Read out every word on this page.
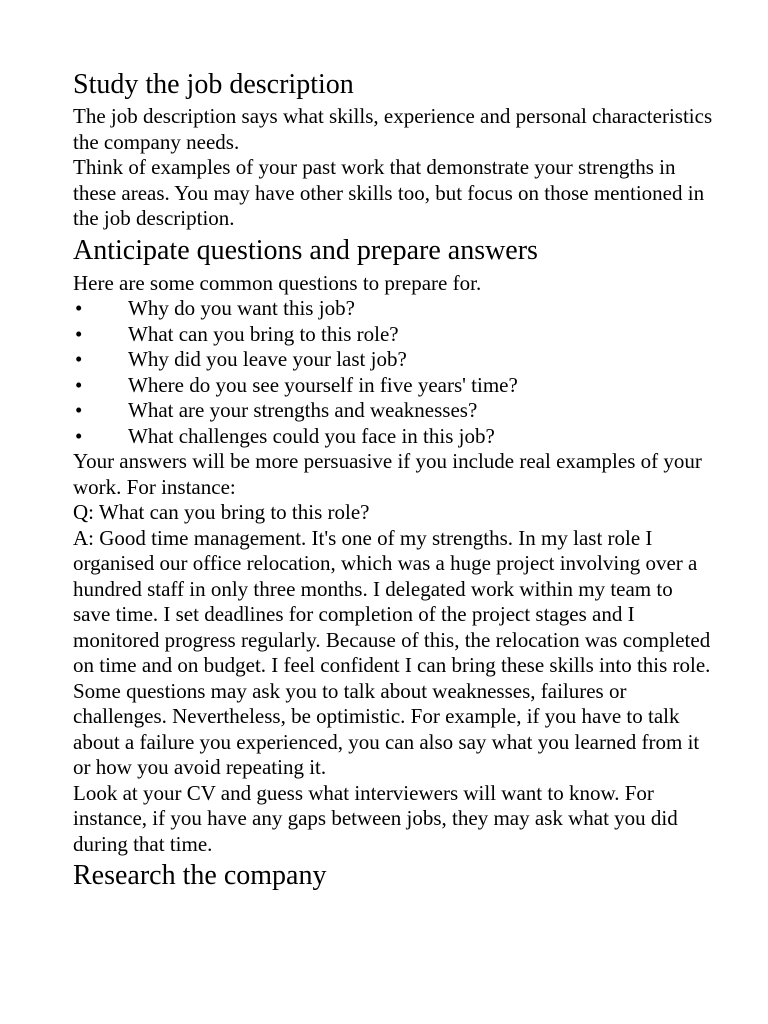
Study the job description

The job description says what skills, experience and personal characteristics the company needs.

Think of examples of your past work that demonstrate your strengths in these areas. You may have other skills too, but focus on those mentioned in the job description.

Anticipate questions and prepare answers

Here are some common questions to prepare for.

•	Why do you want this job?
•	What can you bring to this role?
•	Why did you leave your last job?
•	Where do you see yourself in five years' time?
•	What are your strengths and weaknesses?
•	What challenges could you face in this job?

Your answers will be more persuasive if you include real examples of your work. For instance:

Q: What can you bring to this role?

A: Good time management. It's one of my strengths. In my last role I organised our office relocation, which was a huge project involving over a hundred staff in only three months. I delegated work within my team to save time. I set deadlines for completion of the project stages and I monitored progress regularly. Because of this, the relocation was completed on time and on budget. I feel confident I can bring these skills into this role.

Some questions may ask you to talk about weaknesses, failures or challenges. Nevertheless, be optimistic. For example, if you have to talk about a failure you experienced, you can also say what you learned from it or how you avoid repeating it.

Look at your CV and guess what interviewers will want to know. For instance, if you have any gaps between jobs, they may ask what you did during that time.

Research the company
